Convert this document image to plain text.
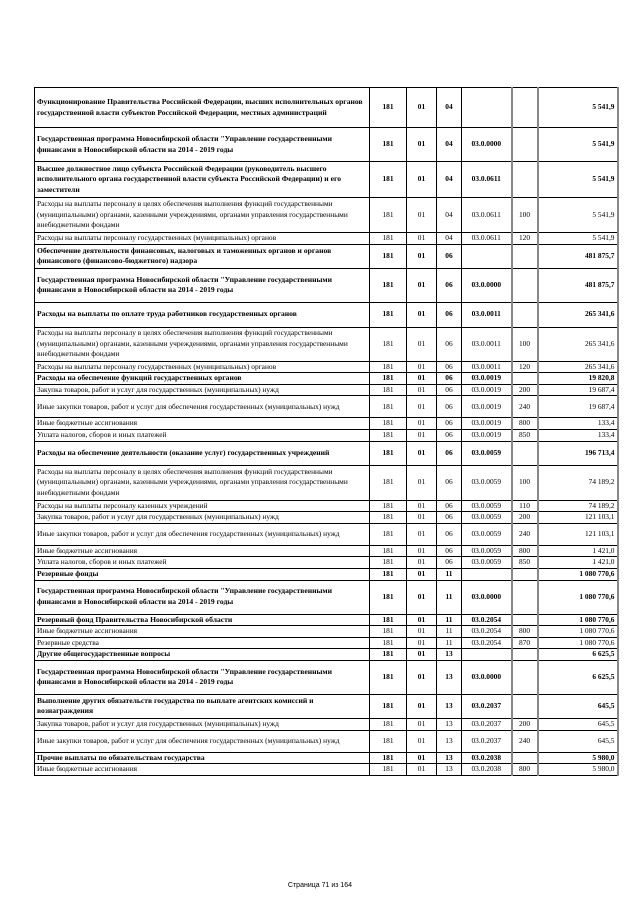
Функционирование Правительства Российской Федерации, высших исполнительных органов государственной власти субъектов Российской Федерации, местных администраций	181	01	04			5 541,9
Государственная программа Новосибирской области "Управление государственными финансами в Новосибирской области на 2014 - 2019 годы	181	01	04	03.0.0000		5 541,9
Высшее должностное лицо субъекта Российской Федерации (руководитель высшего исполнительного органа государственной власти субъекта Российской Федерации) и его заместители	181	01	04	03.0.0611		5 541,9
Расходы на выплаты персоналу в целях обеспечения выполнения функций государственными (муниципальными) органами, казенными учреждениями, органами управления государственными внебюджетными фондами	181	01	04	03.0.0611	100	5 541,9
Расходы на выплаты персоналу государственных (муниципальных) органов	181	01	04	03.0.0611	120	5 541,9
Обеспечение деятельности финансовых, налоговых и таможенных органов и органов финансового (финансово-бюджетного) надзора	181	01	06			481 875,7
Государственная программа Новосибирской области "Управление государственными финансами в Новосибирской области на 2014 - 2019 годы	181	01	06	03.0.0000		481 875,7
Расходы на выплаты по оплате труда работников государственных органов	181	01	06	03.0.0011		265 341,6
Расходы на выплаты персоналу в целях обеспечения выполнения функций государственными (муниципальными) органами, казенными учреждениями, органами управления государственными внебюджетными фондами	181	01	06	03.0.0011	100	265 341,6
Расходы на выплаты персоналу государственных (муниципальных) органов	181	01	06	03.0.0011	120	265 341,6
Расходы на обеспечение функций государственных органов	181	01	06	03.0.0019		19 820,8
Закупка товаров, работ и услуг для государственных (муниципальных) нужд	181	01	06	03.0.0019	200	19 687,4
Иные закупки товаров, работ и услуг для обеспечения государственных (муниципальных) нужд	181	01	06	03.0.0019	240	19 687,4
Иные бюджетные ассигнования	181	01	06	03.0.0019	800	133,4
Уплата налогов, сборов и иных платежей	181	01	06	03.0.0019	850	133,4
Расходы на обеспечение деятельности (оказание услуг) государственных учреждений	181	01	06	03.0.0059		196 713,4
Расходы на выплаты персоналу в целях обеспечения выполнения функций государственными (муниципальными) органами, казенными учреждениями, органами управления государственными внебюджетными фондами	181	01	06	03.0.0059	100	74 189,2
Расходы на выплаты персоналу казенных учреждений	181	01	06	03.0.0059	110	74 189,2
Закупка товаров, работ и услуг для государственных (муниципальных) нужд	181	01	06	03.0.0059	200	121 103,1
Иные закупки товаров, работ и услуг для обеспечения государственных (муниципальных) нужд	181	01	06	03.0.0059	240	121 103,1
Иные бюджетные ассигнования	181	01	06	03.0.0059	800	1 421,0
Уплата налогов, сборов и иных платежей	181	01	06	03.0.0059	850	1 421,0
Резервные фонды	181	01	11			1 080 770,6
Государственная программа Новосибирской области "Управление государственными финансами в Новосибирской области на 2014 - 2019 годы	181	01	11	03.0.0000		1 080 770,6
Резервный фонд Правительства Новосибирской области	181	01	11	03.0.2054		1 080 770,6
Иные бюджетные ассигнования	181	01	11	03.0.2054	800	1 080 770,6
Резервные средства	181	01	11	03.0.2054	870	1 080 770,6
Другие общегосударственные вопросы	181	01	13			6 625,5
Государственная программа Новосибирской области "Управление государственными финансами в Новосибирской области на 2014 - 2019 годы	181	01	13	03.0.0000		6 625,5
Выполнение других обязательств государства по выплате агентских комиссий и вознаграждения	181	01	13	03.0.2037		645,5
Закупка товаров, работ и услуг для государственных (муниципальных) нужд	181	01	13	03.0.2037	200	645,5
Иные закупки товаров, работ и услуг для обеспечения государственных (муниципальных) нужд	181	01	13	03.0.2037	240	645,5
Прочие выплаты по обязательствам государства	181	01	13	03.0.2038		5 980,0
Иные бюджетные ассигнования	181	01	13	03.0.2038	800	5 980,0
Страница 71 из 164
